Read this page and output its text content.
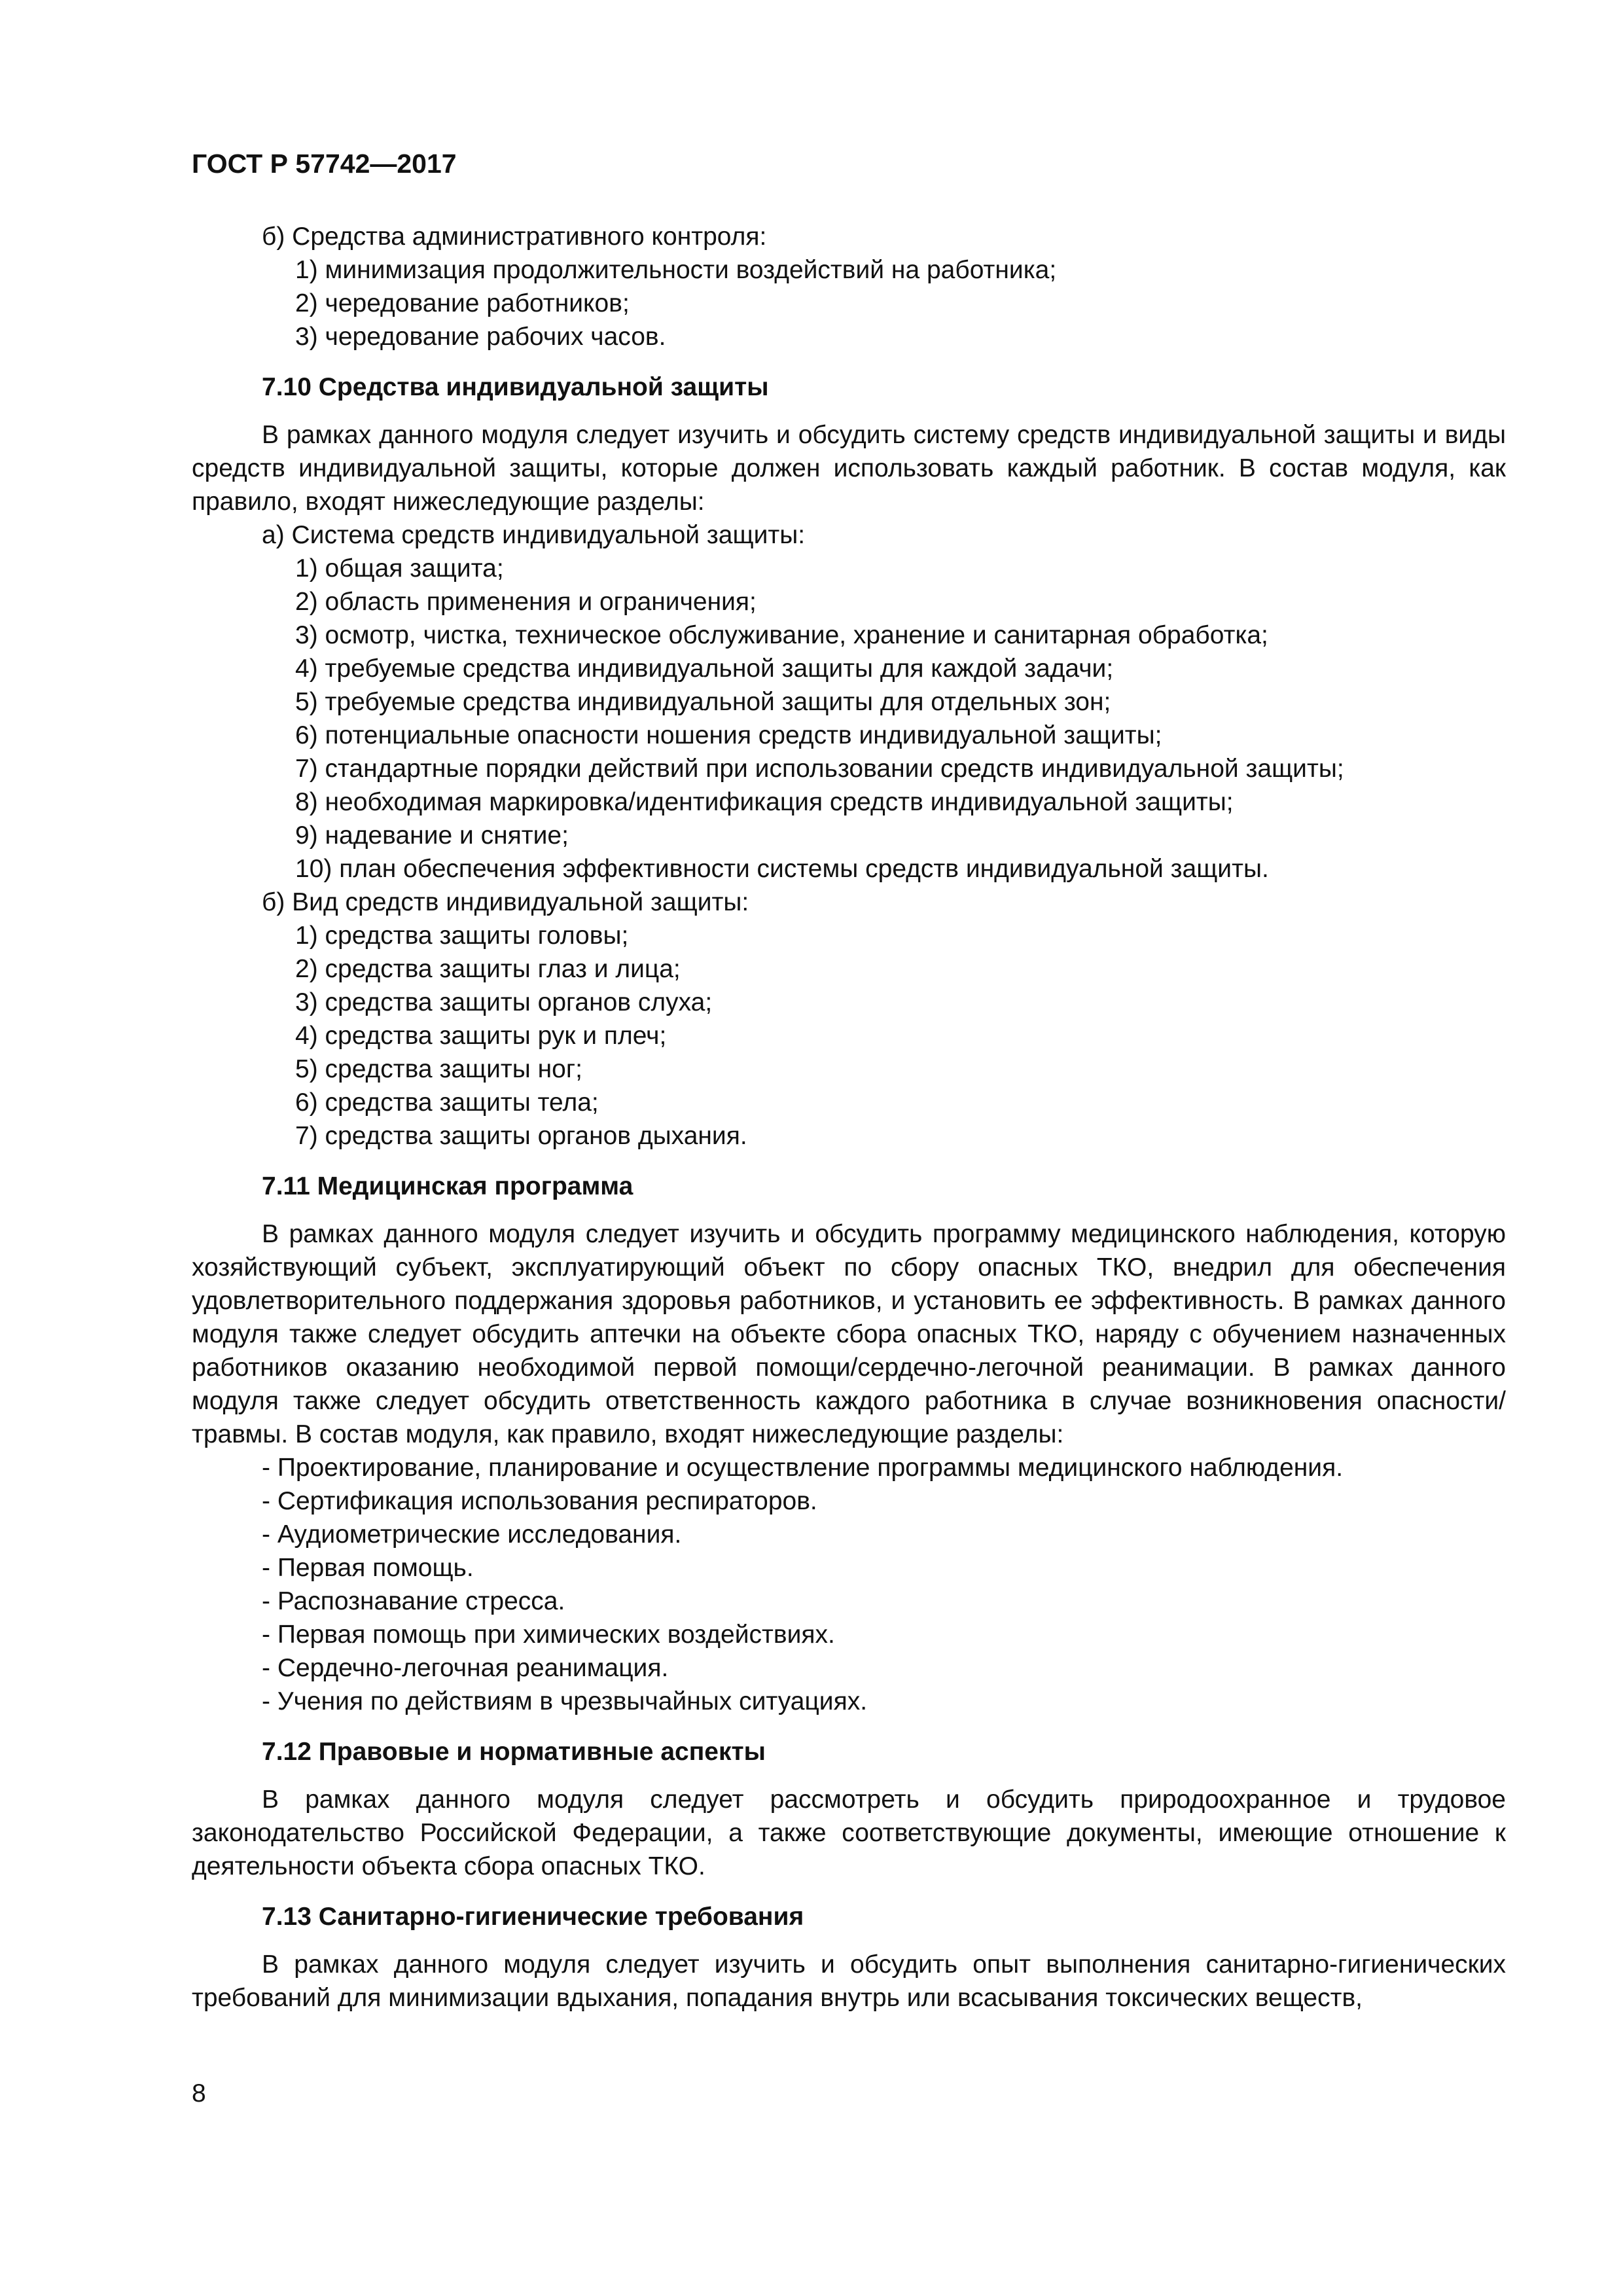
ГОСТ Р 57742—2017

б) Средства административного контроля:

1) минимизация продолжительности воздействий на работника;

2) чередование работников;

3) чередование рабочих часов.

7.10 Средства индивидуальной защиты

В рамках данного модуля следует изучить и обсудить систему средств индивидуальной защиты и виды средств индивидуальной защиты, которые должен использовать каждый работник. В состав модуля, как правило, входят нижеследующие разделы:

а) Система средств индивидуальной защиты:

1) общая защита;

2) область применения и ограничения;

3) осмотр, чистка, техническое обслуживание, хранение и санитарная обработка;

4) требуемые средства индивидуальной защиты для каждой задачи;

5) требуемые средства индивидуальной защиты для отдельных зон;

6) потенциальные опасности ношения средств индивидуальной защиты;

7) стандартные порядки действий при использовании средств индивидуальной защиты;

8) необходимая маркировка/идентификация средств индивидуальной защиты;

9) надевание и снятие;

10) план обеспечения эффективности системы средств индивидуальной защиты.

б) Вид средств индивидуальной защиты:

1) средства защиты головы;

2) средства защиты глаз и лица;

3) средства защиты органов слуха;

4) средства защиты рук и плеч;

5) средства защиты ног;

6) средства защиты тела;

7) средства защиты органов дыхания.

7.11 Медицинская программа

В рамках данного модуля следует изучить и обсудить программу медицинского наблюдения, которую хозяйствующий субъект, эксплуатирующий объект по сбору опасных ТКО, внедрил для обеспечения удовлетворительного поддержания здоровья работников, и установить ее эффективность. В рамках данного модуля также следует обсудить аптечки на объекте сбора опасных ТКО, наряду с обучением назначенных работников оказанию необходимой первой помощи/сердечно-легочной реанимации. В рамках данного модуля также следует обсудить ответственность каждого работника в случае возникновения опасности/травмы. В состав модуля, как правило, входят нижеследующие разделы:

- Проектирование, планирование и осуществление программы медицинского наблюдения.

- Сертификация использования респираторов.

- Аудиометрические исследования.

- Первая помощь.

- Распознавание стресса.

- Первая помощь при химических воздействиях.

- Сердечно-легочная реанимация.

- Учения по действиям в чрезвычайных ситуациях.

7.12 Правовые и нормативные аспекты

В рамках данного модуля следует рассмотреть и обсудить природоохранное и трудовое законодательство Российской Федерации, а также соответствующие документы, имеющие отношение к деятельности объекта сбора опасных ТКО.

7.13 Санитарно-гигиенические требования

В рамках данного модуля следует изучить и обсудить опыт выполнения санитарно-гигиенических требований для минимизации вдыхания, попадания внутрь или всасывания токсических веществ,

8
